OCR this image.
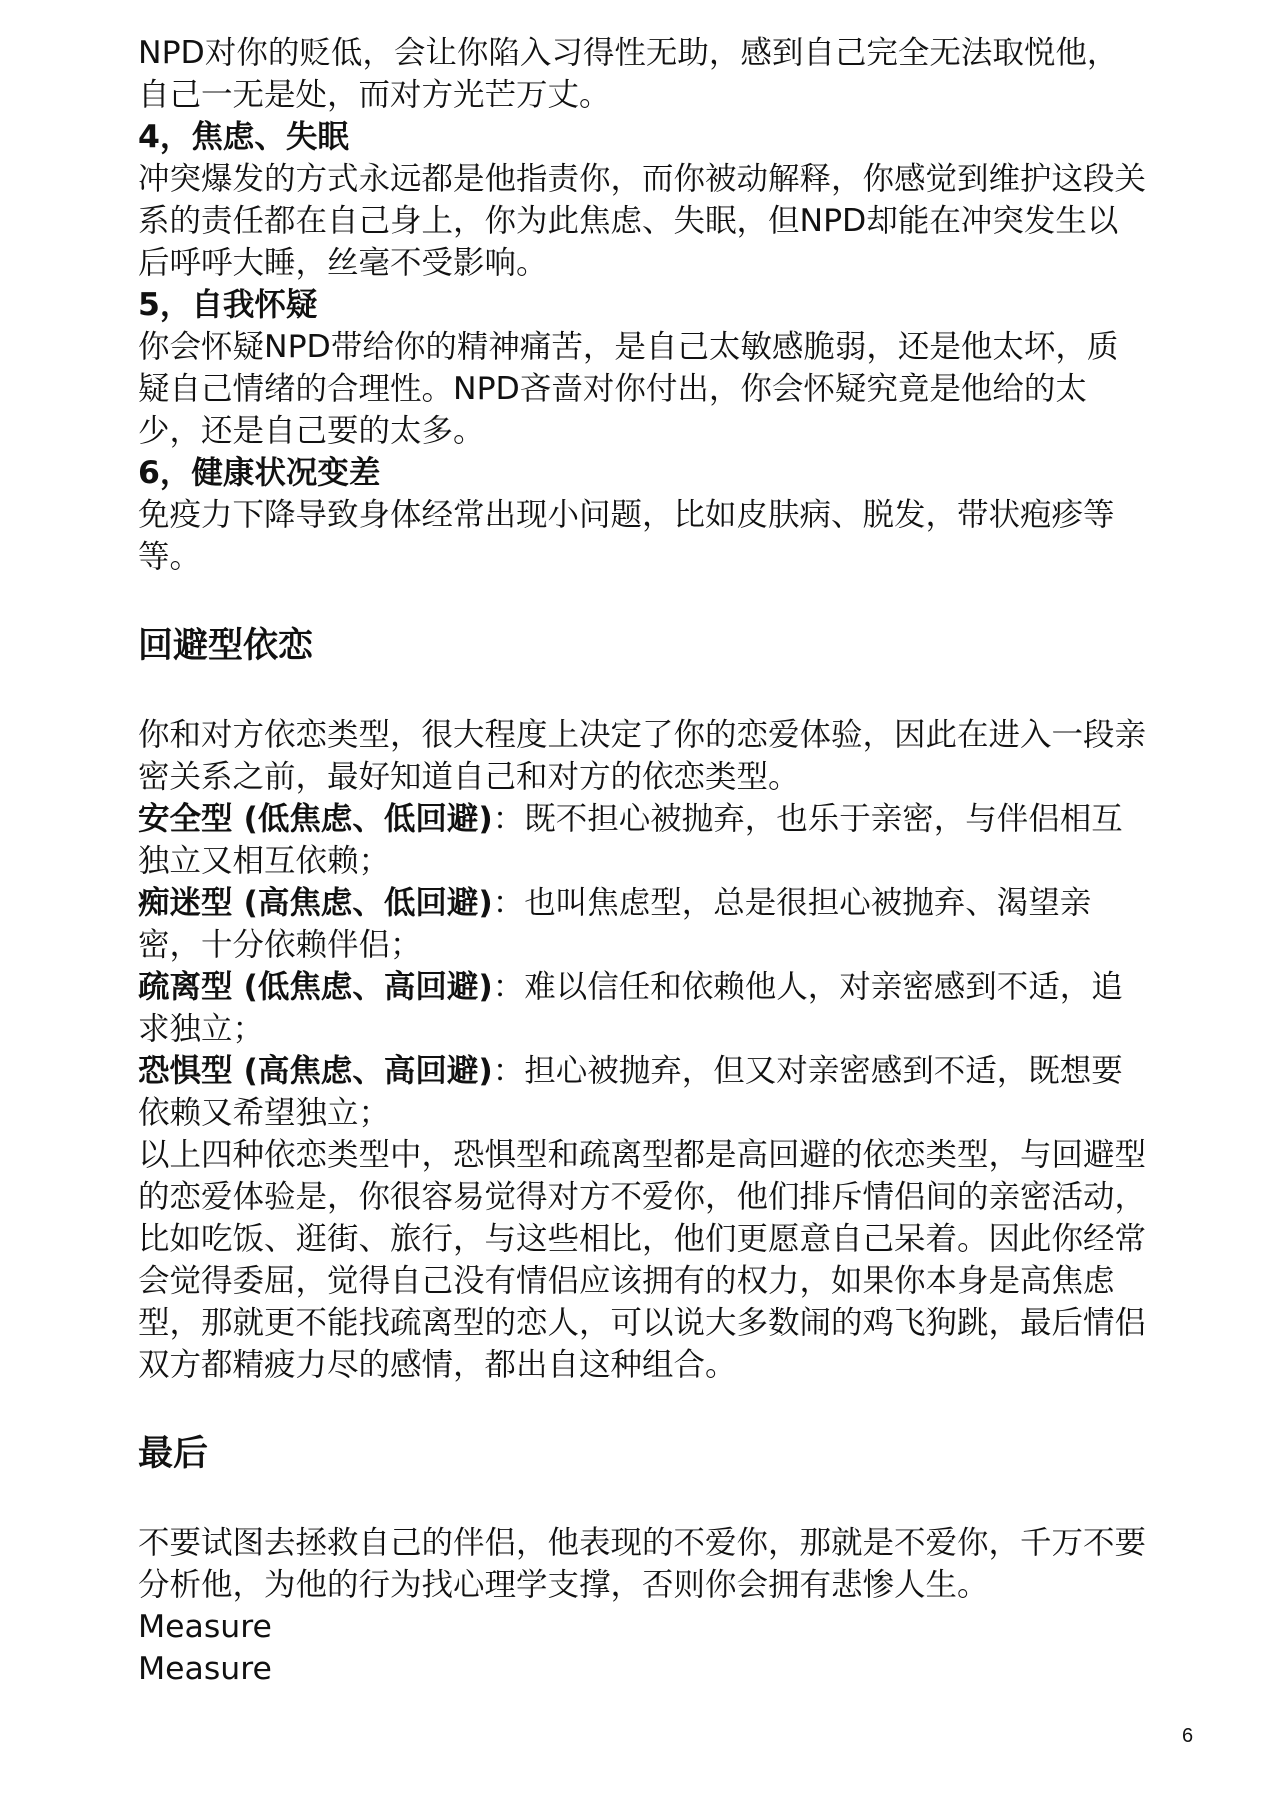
NPD对你的贬低，会让你陷入习得性无助，感到自己完全无法取悦他，自己一无是处，而对方光芒万丈。

4，焦虑、失眠

冲突爆发的方式永远都是他指责你，而你被动解释，你感觉到维护这段关系的责任都在自己身上，你为此焦虑、失眠，但NPD却能在冲突发生以后呼呼大睡，丝毫不受影响。

5，自我怀疑

你会怀疑NPD带给你的精神痛苦，是自己太敏感脆弱，还是他太坏，质疑自己情绪的合理性。NPD吝啬对你付出，你会怀疑究竟是他给的太少，还是自己要的太多。

6，健康状况变差

免疫力下降导致身体经常出现小问题，比如皮肤病、脱发，带状疱疹等等。

回避型依恋

你和对方依恋类型，很大程度上决定了你的恋爱体验，因此在进入一段亲密关系之前，最好知道自己和对方的依恋类型。

安全型 (低焦虑、低回避)：既不担心被抛弃，也乐于亲密，与伴侣相互独立又相互依赖；

痴迷型 (高焦虑、低回避)：也叫焦虑型，总是很担心被抛弃、渴望亲密，十分依赖伴侣；

疏离型 (低焦虑、高回避)：难以信任和依赖他人，对亲密感到不适，追求独立；

恐惧型 (高焦虑、高回避)：担心被抛弃，但又对亲密感到不适，既想要依赖又希望独立；

以上四种依恋类型中，恐惧型和疏离型都是高回避的依恋类型，与回避型的恋爱体验是，你很容易觉得对方不爱你，他们排斥情侣间的亲密活动，比如吃饭、逛街、旅行，与这些相比，他们更愿意自己呆着。因此你经常会觉得委屈，觉得自己没有情侣应该拥有的权力，如果你本身是高焦虑型，那就更不能找疏离型的恋人，可以说大多数闹的鸡飞狗跳，最后情侣双方都精疲力尽的感情，都出自这种组合。

最后

不要试图去拯救自己的伴侣，他表现的不爱你，那就是不爱你，千万不要分析他，为他的行为找心理学支撑，否则你会拥有悲惨人生。

Measure

Measure

6
